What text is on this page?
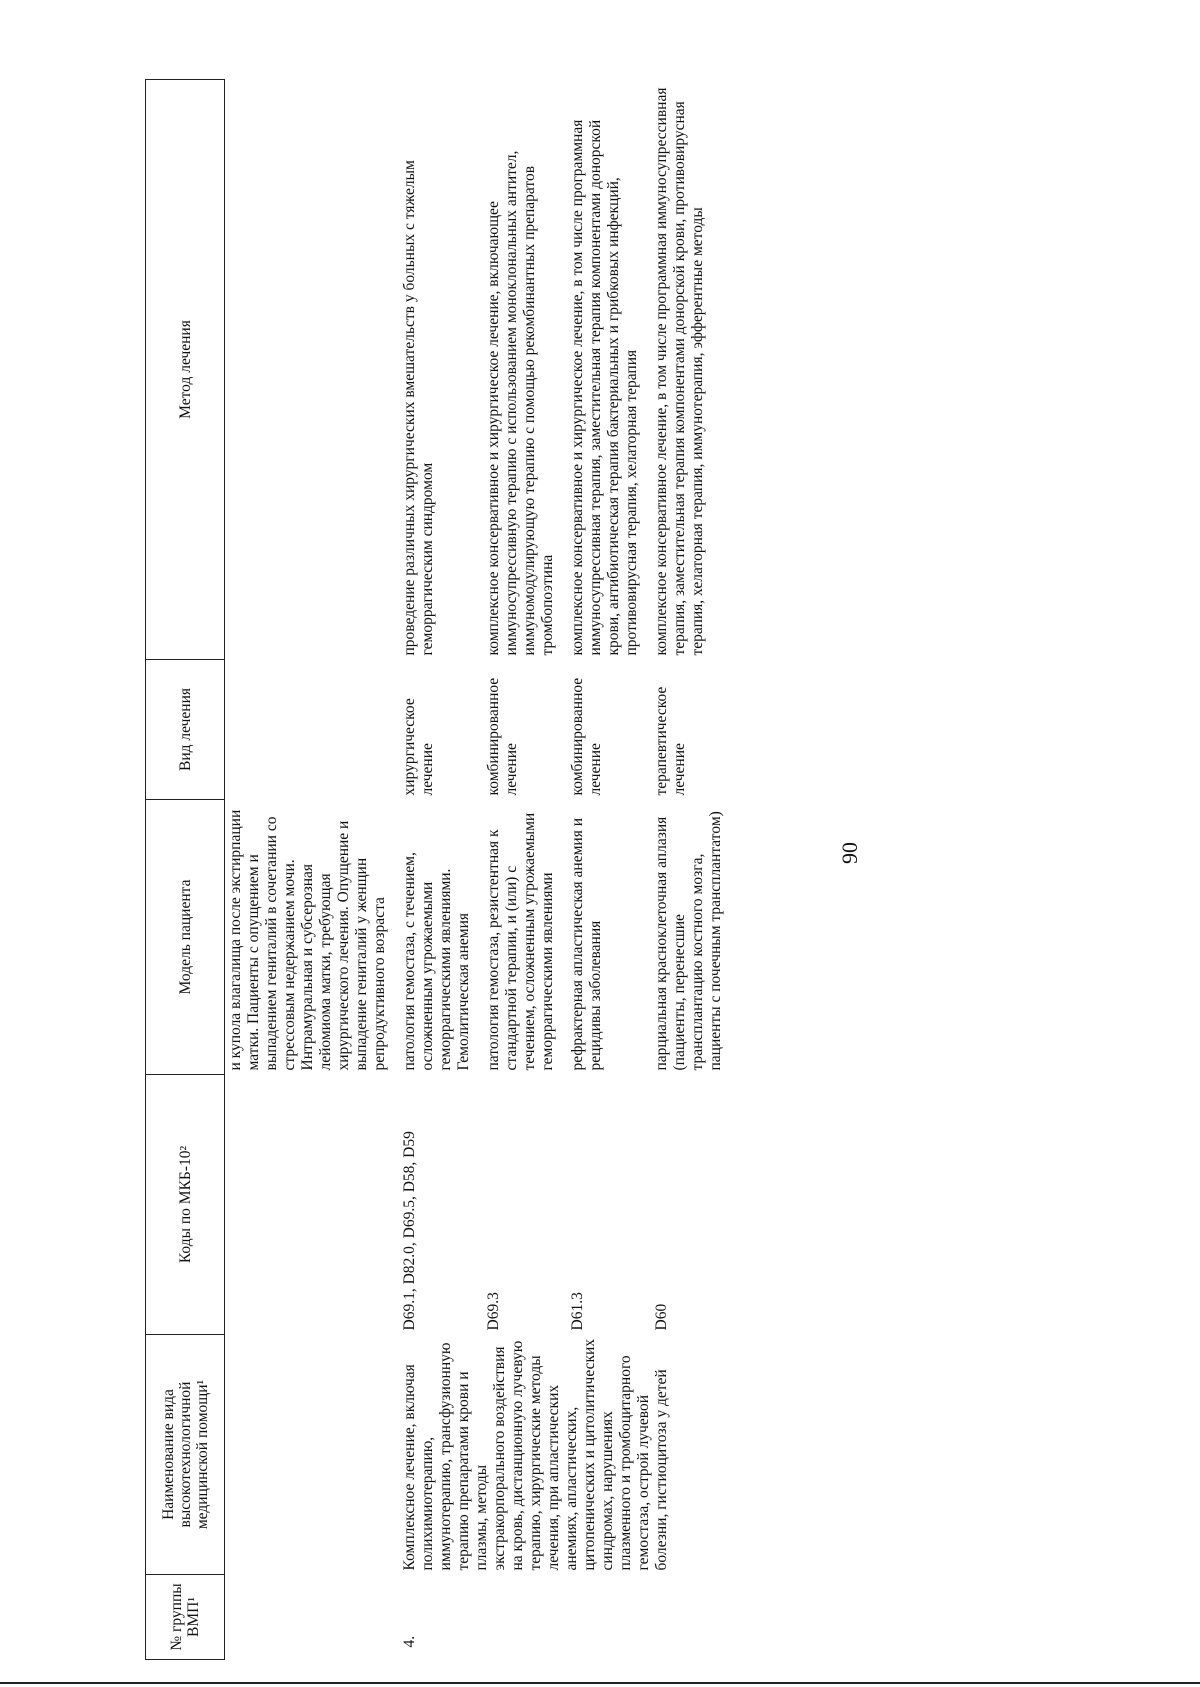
90
№ группы ВМП¹	Наименование вида высокотехнологичной медицинской помощи¹	Коды по МКБ-10²	Модель пациента	Вид лечения	Метод лечения
			и купола влагалища после экстирпации матки. Пациенты с опущением и выпадением гениталий в сочетании со стрессовым недержанием мочи. Интрамуральная и субсерозная лейомиома матки, требующая хирургического лечения. Опущение и выпадение гениталий у женщин репродуктивного возраста		
4.	Комплексное лечение, включая полихимиотерапию, иммунотерапию, трансфузионную терапию препаратами крови и плазмы, методы экстракорпорального воздействия на кровь, дистанционную лучевую терапию, хирургические методы лечения, при апластических анемиях, апластических, цитопенических и цитолитических синдромах, нарушениях плазменного и тромбоцитарного гемостаза, острой лучевой болезни, гистиоцитоза у детей	D69.1, D82.0, D69.5, D58, D59	патология гемостаза, с течением, осложненным угрожаемыми геморрагическими явлениями. Гемолитическая анемия	хирургическое лечение	проведение различных хирургических вмешательств у больных с тяжелым геморрагическим синдромом
		D69.3	патология гемостаза, резистентная к стандартной терапии, и (или) с течением, осложненным угрожаемыми геморрагическими явлениями	комбинированное лечение	комплексное консервативное и хирургическое лечение, включающее иммуносупрессивную терапию с использованием моноклональных антител, иммуномодулирующую терапию с помощью рекомбинантных препаратов тромбопоэтина
		D61.3	рефрактерная апластическая анемия и рецидивы заболевания	комбинированное лечение	комплексное консервативное и хирургическое лечение, в том числе программная иммуносупрессивная терапия, заместительная терапия компонентами донорской крови, антибиотическая терапия бактериальных и грибковых инфекций, противовирусная терапия, хелаторная терапия
		D60	парциальная красноклеточная аплазия (пациенты, перенесшие трансплантацию костного мозга, пациенты с почечным трансплантатом)	терапевтическое лечение	комплексное консервативное лечение, в том числе программная иммуносупрессивная терапия, заместительная терапия компонентами донорской крови, противовирусная терапия, хелаторная терапия, иммунотерапия, эфферентные методы
